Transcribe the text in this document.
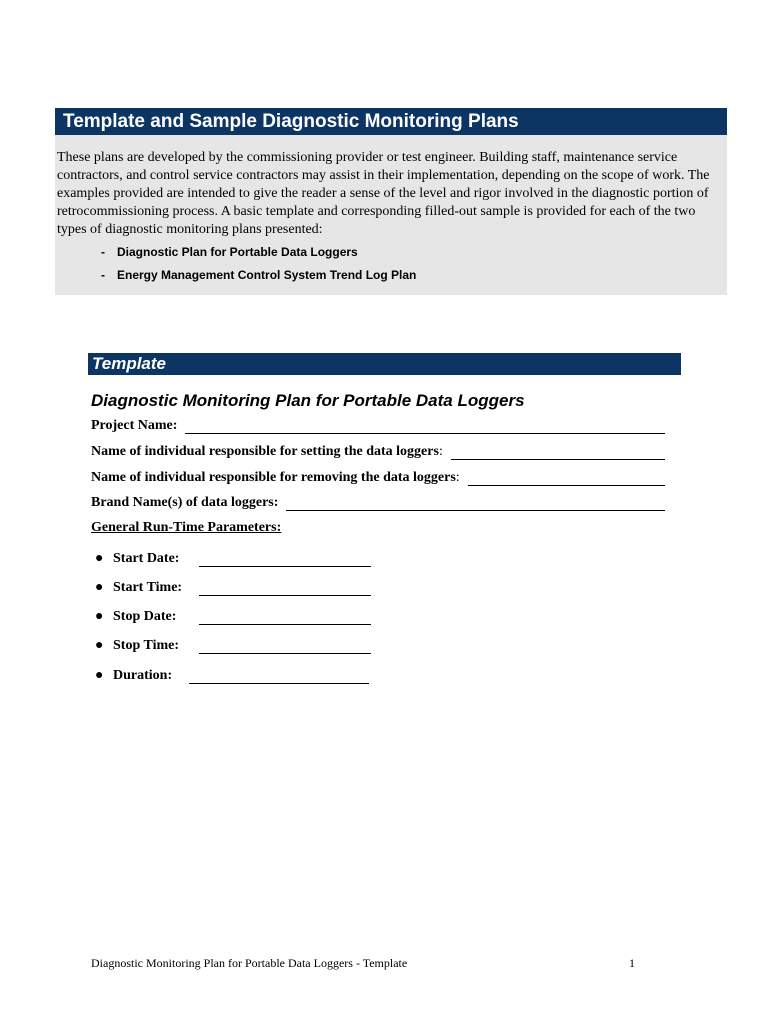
Template and Sample Diagnostic Monitoring Plans
These plans are developed by the commissioning provider or test engineer. Building staff, maintenance service contractors, and control service contractors may assist in their implementation, depending on the scope of work. The examples provided are intended to give the reader a sense of the level and rigor involved in the diagnostic portion of retrocommissioning process. A basic template and corresponding filled-out sample is provided for each of the two types of diagnostic monitoring plans presented:
- Diagnostic Plan for Portable Data Loggers
- Energy Management Control System Trend Log Plan
Template
Diagnostic Monitoring Plan for Portable Data Loggers
Project Name:
Name of individual responsible for setting the data loggers :
Name of individual responsible for removing the data loggers :
Brand Name(s) of data loggers:
General Run-Time Parameters:
● Start Date:
● Start Time:
● Stop Date:
● Stop Time:
● Duration:
Diagnostic Monitoring Plan for Portable Data Loggers - Template	1
